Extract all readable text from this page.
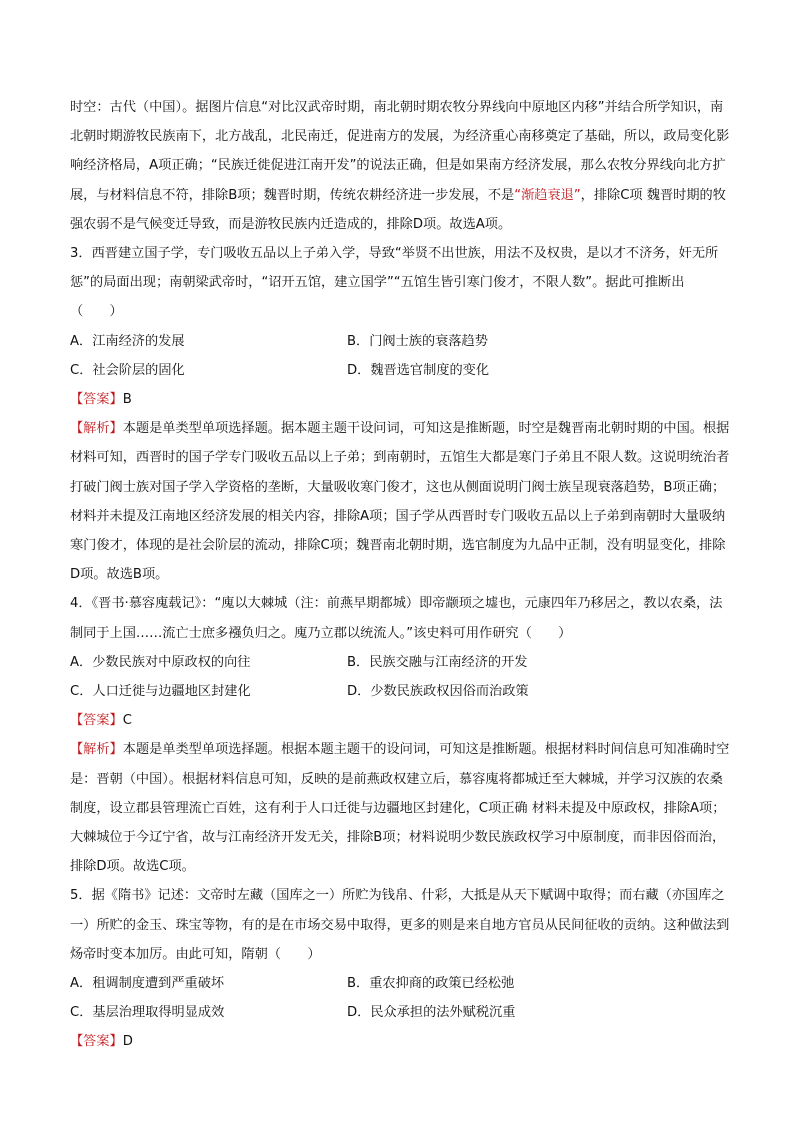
时空：古代（中国）。据图片信息“对比汉武帝时期，南北朝时期农牧分界线向中原地区内移”并结合所学知识，南北朝时期游牧民族南下，北方战乱，北民南迁，促进南方的发展，为经济重心南移奠定了基础，所以，政局变化影响经济格局，A项正确；“民族迁徙促进江南开发”的说法正确，但是如果南方经济发展，那么农牧分界线向北方扩展，与材料信息不符，排除B项；魏晋时期，传统农耕经济进一步发展，不是“渐趋衰退”，排除C项 魏晋时期的牧强农弱不是气候变迁导致，而是游牧民族内迁造成的，排除D项。故选A项。

3．西晋建立国子学，专门吸收五品以上子弟入学，导致“举贤不出世族，用法不及权贵，是以才不济务，奸无所惩”的局面出现；南朝梁武帝时，“诏开五馆，建立国学”“五馆生皆引寒门俊才，不限人数”。据此可推断出（　　）

A．江南经济的发展	B．门阀士族的衰落趋势
C．社会阶层的固化	D．魏晋选官制度的变化

【答案】B

【解析】本题是单类型单项选择题。据本题主题干设问词，可知这是推断题，时空是魏晋南北朝时期的中国。根据材料可知，西晋时的国子学专门吸收五品以上子弟；到南朝时，五馆生大都是寒门子弟且不限人数。这说明统治者打破门阀士族对国子学入学资格的垄断，大量吸收寒门俊才，这也从侧面说明门阀士族呈现衰落趋势，B项正确；材料并未提及江南地区经济发展的相关内容，排除A项；国子学从西晋时专门吸收五品以上子弟到南朝时大量吸纳寒门俊才，体现的是社会阶层的流动，排除C项；魏晋南北朝时期，选官制度为九品中正制，没有明显变化，排除D项。故选B项。

4．《晋书·慕容廆载记》：“廆以大棘城（注：前燕早期都城）即帝颛顼之墟也，元康四年乃移居之，教以农桑，法制同于上国……流亡士庶多襁负归之。廆乃立郡以统流人。”该史料可用作研究（　　）

A．少数民族对中原政权的向往	B．民族交融与江南经济的开发
C．人口迁徙与边疆地区封建化	D．少数民族政权因俗而治政策

【答案】C

【解析】本题是单类型单项选择题。根据本题主题干的设问词，可知这是推断题。根据材料时间信息可知准确时空是：晋朝（中国）。根据材料信息可知，反映的是前燕政权建立后，慕容廆将都城迁至大棘城，并学习汉族的农桑制度，设立郡县管理流亡百姓，这有利于人口迁徙与边疆地区封建化，C项正确 材料未提及中原政权，排除A项；大棘城位于今辽宁省，故与江南经济开发无关，排除B项；材料说明少数民族政权学习中原制度，而非因俗而治，排除D项。故选C项。

5．据《隋书》记述：文帝时左藏（国库之一）所贮为钱帛、什彩，大抵是从天下赋调中取得；而右藏（亦国库之一）所贮的金玉、珠宝等物，有的是在市场交易中取得，更多的则是来自地方官员从民间征收的贡纳。这种做法到炀帝时变本加厉。由此可知，隋朝（　　）

A．租调制度遭到严重破坏	B．重农抑商的政策已经松弛
C．基层治理取得明显成效	D．民众承担的法外赋税沉重

【答案】D
